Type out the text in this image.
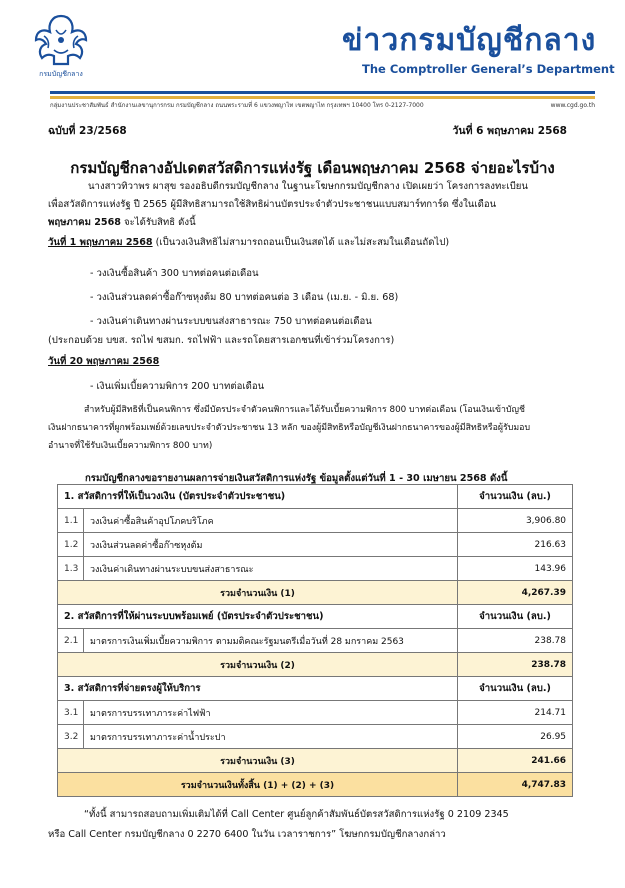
กรมบัญชีกลาง
ข่าวกรมบัญชีกลาง
The Comptroller General’s Department
กลุ่มงานประชาสัมพันธ์ สำนักงานเลขานุการกรม กรมบัญชีกลาง ถนนพระรามที่ 6 แขวงพญาไท เขตพญาไท กรุงเทพฯ 10400 โทร 0-2127-7000	www.cgd.go.th
ฉบับที่ 23/2568	วันที่ 6 พฤษภาคม 2568
กรมบัญชีกลางอัปเดตสวัสดิการแห่งรัฐ เดือนพฤษภาคม 2568 จ่ายอะไรบ้าง
นางสาวทิวาพร ผาสุข รองอธิบดีกรมบัญชีกลาง ในฐานะโฆษกกรมบัญชีกลาง เปิดเผยว่า โครงการลงทะเบียน
เพื่อสวัสดิการแห่งรัฐ ปี 2565 ผู้มีสิทธิสามารถใช้สิทธิผ่านบัตรประจำตัวประชาชนแบบสมาร์ทการ์ด ซึ่งในเดือน
พฤษภาคม 2568 จะได้รับสิทธิ ดังนี้
วันที่ 1 พฤษภาคม 2568 (เป็นวงเงินสิทธิไม่สามารถถอนเป็นเงินสดได้ และไม่สะสมในเดือนถัดไป)
- วงเงินซื้อสินค้า 300 บาทต่อคนต่อเดือน
- วงเงินส่วนลดค่าซื้อก๊าซหุงต้ม 80 บาทต่อคนต่อ 3 เดือน (เม.ย. - มิ.ย. 68)
- วงเงินค่าเดินทางผ่านระบบขนส่งสาธารณะ 750 บาทต่อคนต่อเดือน
(ประกอบด้วย บขส. รถไฟ ขสมก. รถไฟฟ้า และรถโดยสารเอกชนที่เข้าร่วมโครงการ)
วันที่ 20 พฤษภาคม 2568
- เงินเพิ่มเบี้ยความพิการ 200 บาทต่อเดือน
สำหรับผู้มีสิทธิที่เป็นคนพิการ ซึ่งมีบัตรประจำตัวคนพิการและได้รับเบี้ยความพิการ 800 บาทต่อเดือน (โอนเงินเข้าบัญชี
เงินฝากธนาคารที่ผูกพร้อมเพย์ด้วยเลขประจำตัวประชาชน 13 หลัก ของผู้มีสิทธิหรือบัญชีเงินฝากธนาคารของผู้มีสิทธิหรือผู้รับมอบ
อำนาจที่ใช้รับเงินเบี้ยความพิการ 800 บาท)
กรมบัญชีกลางขอรายงานผลการจ่ายเงินสวัสดิการแห่งรัฐ ข้อมูลตั้งแต่วันที่ 1 - 30 เมษายน 2568 ดังนี้
1. สวัสดิการที่ให้เป็นวงเงิน (บัตรประจำตัวประชาชน)		จำนวนเงิน (ลบ.)
1.1	วงเงินค่าซื้อสินค้าอุปโภคบริโภค	3,906.80
1.2	วงเงินส่วนลดค่าซื้อก๊าซหุงต้ม	216.63
1.3	วงเงินค่าเดินทางผ่านระบบขนส่งสาธารณะ	143.96
รวมจำนวนเงิน (1)		4,267.39
2. สวัสดิการที่ให้ผ่านระบบพร้อมเพย์ (บัตรประจำตัวประชาชน)		จำนวนเงิน (ลบ.)
2.1	มาตรการเงินเพิ่มเบี้ยความพิการ ตามมติคณะรัฐมนตรีเมื่อวันที่ 28 มกราคม 2563	238.78
รวมจำนวนเงิน (2)		238.78
3. สวัสดิการที่จ่ายตรงผู้ให้บริการ		จำนวนเงิน (ลบ.)
3.1	มาตรการบรรเทาภาระค่าไฟฟ้า	214.71
3.2	มาตรการบรรเทาภาระค่าน้ำประปา	26.95
รวมจำนวนเงิน (3)		241.66
รวมจำนวนเงินทั้งสิ้น (1) + (2) + (3)		4,747.83
“ทั้งนี้ สามารถสอบถามเพิ่มเติมได้ที่ Call Center ศูนย์ลูกค้าสัมพันธ์บัตรสวัสดิการแห่งรัฐ 0 2109 2345
หรือ Call Center กรมบัญชีกลาง 0 2270 6400 ในวัน เวลาราชการ” โฆษกกรมบัญชีกลางกล่าว
